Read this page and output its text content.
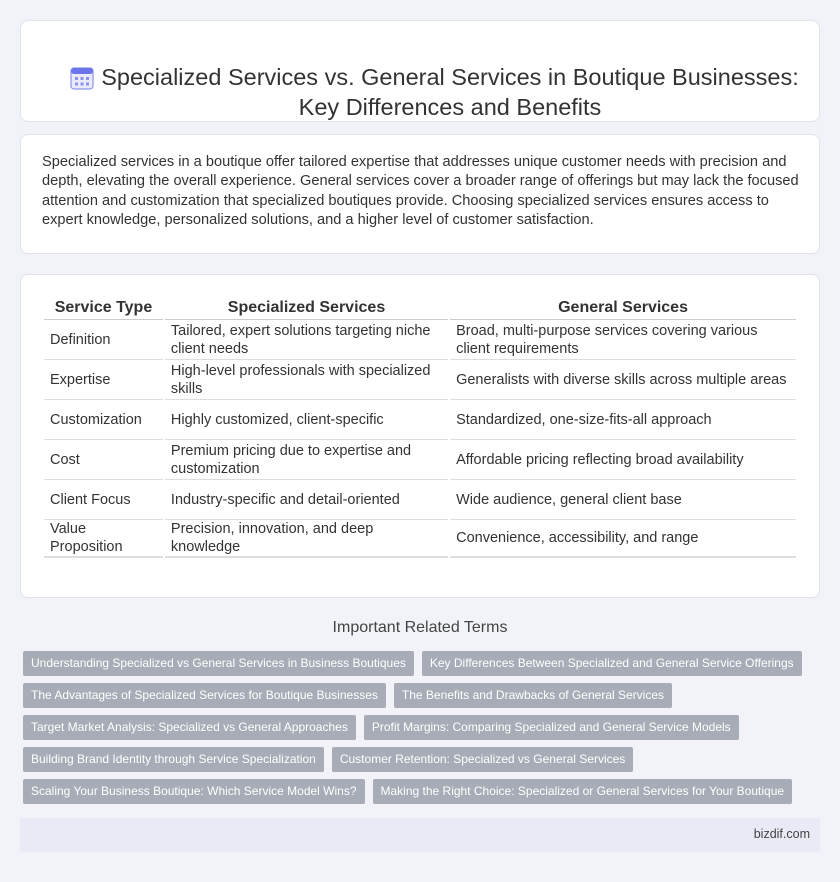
Specialized Services vs. General Services in Boutique Businesses: Key Differences and Benefits

Specialized services in a boutique offer tailored expertise that addresses unique customer needs with precision and depth, elevating the overall experience. General services cover a broader range of offerings but may lack the focused attention and customization that specialized boutiques provide. Choosing specialized services ensures access to expert knowledge, personalized solutions, and a higher level of customer satisfaction.

Service Type	Specialized Services	General Services
Definition	Tailored, expert solutions targeting niche client needs	Broad, multi-purpose services covering various client requirements
Expertise	High-level professionals with specialized skills	Generalists with diverse skills across multiple areas
Customization	Highly customized, client-specific	Standardized, one-size-fits-all approach
Cost	Premium pricing due to expertise and customization	Affordable pricing reflecting broad availability
Client Focus	Industry-specific and detail-oriented	Wide audience, general client base
Value Proposition	Precision, innovation, and deep knowledge	Convenience, accessibility, and range
Important Related Terms
Understanding Specialized vs General Services in Business Boutiques	Key Differences Between Specialized and General Service Offerings
The Advantages of Specialized Services for Boutique Businesses	The Benefits and Drawbacks of General Services
Target Market Analysis: Specialized vs General Approaches	Profit Margins: Comparing Specialized and General Service Models
Building Brand Identity through Service Specialization	Customer Retention: Specialized vs General Services
Scaling Your Business Boutique: Which Service Model Wins?	Making the Right Choice: Specialized or General Services for Your Boutique
bizdif.com
